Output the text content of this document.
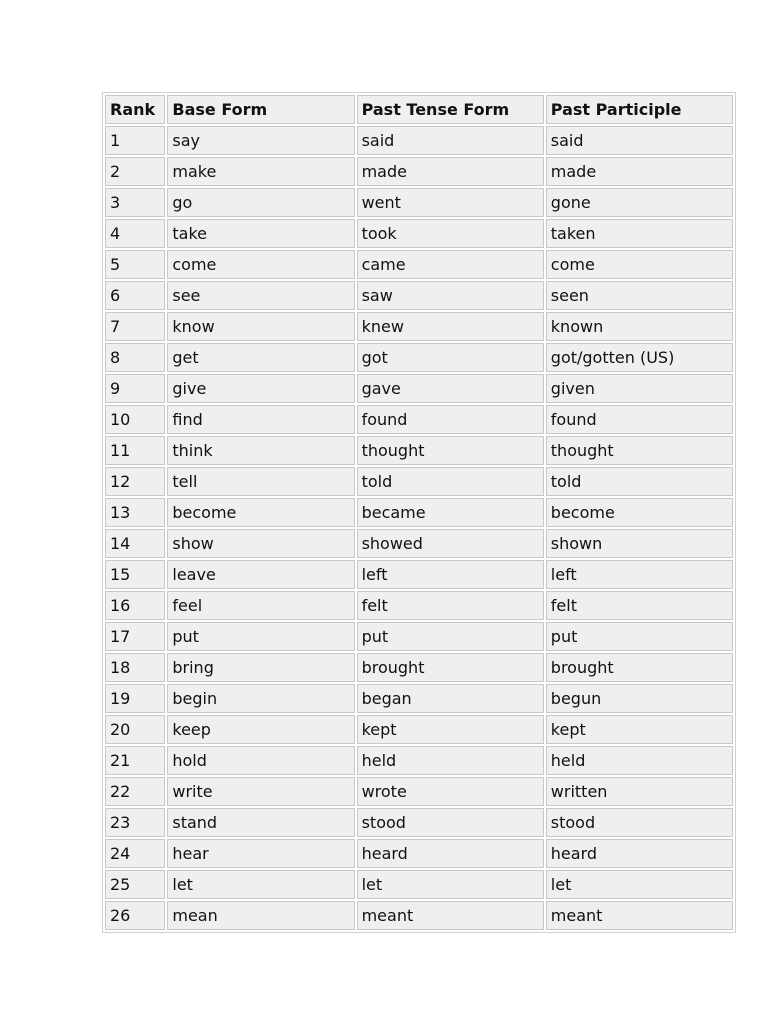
Rank	Base Form	Past Tense Form	Past Participle
1	say	said	said
2	make	made	made
3	go	went	gone
4	take	took	taken
5	come	came	come
6	see	saw	seen
7	know	knew	known
8	get	got	got/gotten (US)
9	give	gave	given
10	find	found	found
11	think	thought	thought
12	tell	told	told
13	become	became	become
14	show	showed	shown
15	leave	left	left
16	feel	felt	felt
17	put	put	put
18	bring	brought	brought
19	begin	began	begun
20	keep	kept	kept
21	hold	held	held
22	write	wrote	written
23	stand	stood	stood
24	hear	heard	heard
25	let	let	let
26	mean	meant	meant
